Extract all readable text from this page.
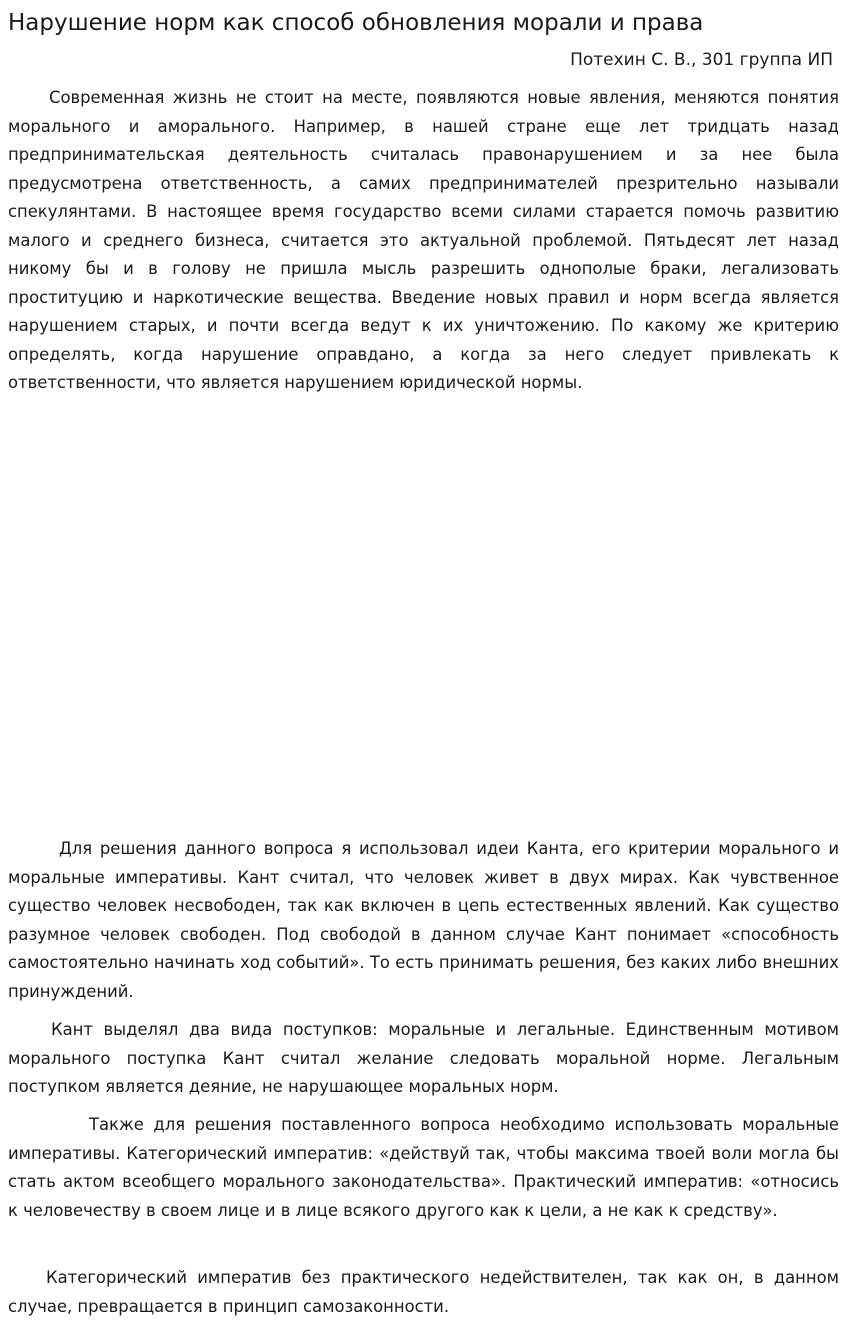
Нарушение норм как способ обновления морали и права
Потехин С. В., 301 группа ИП

Современная жизнь не стоит на месте, появляются новые явления, меняются понятия морального и аморального. Например, в нашей стране еще лет тридцать назад предпринимательская деятельность считалась правонарушением и за нее была предусмотрена ответственность, а самих предпринимателей презрительно называли спекулянтами. В настоящее время государство всеми силами старается помочь развитию малого и среднего бизнеса, считается это актуальной проблемой. Пятьдесят лет назад никому бы и в голову не пришла мысль разрешить однополые браки, легализовать проституцию и наркотические вещества. Введение новых правил и норм всегда является нарушением старых, и почти всегда ведут к их уничтожению. По какому же критерию определять, когда нарушение оправдано, а когда за него следует привлекать к ответственности, что является нарушением юридической нормы.

Для решения данного вопроса я использовал идеи Канта, его критерии морального и моральные императивы. Кант считал, что человек живет в двух мирах. Как чувственное существо человек несвободен, так как включен в цепь естественных явлений. Как существо разумное человек свободен. Под свободой в данном случае Кант понимает «способность самостоятельно начинать ход событий». То есть принимать решения, без каких либо внешних принуждений.

Кант выделял два вида поступков: моральные и легальные. Единственным мотивом морального поступка Кант считал желание следовать моральной норме. Легальным поступком является деяние, не нарушающее моральных норм.

Также для решения поставленного вопроса необходимо использовать моральные императивы. Категорический императив: «действуй так, чтобы максима твоей воли могла бы стать актом всеобщего морального законодательства». Практический императив: «относись к человечеству в своем лице и в лице всякого другого как к цели, а не как к средству».

Категорический императив без практического недействителен, так как он, в данном случае, превращается в принцип самозаконности.
